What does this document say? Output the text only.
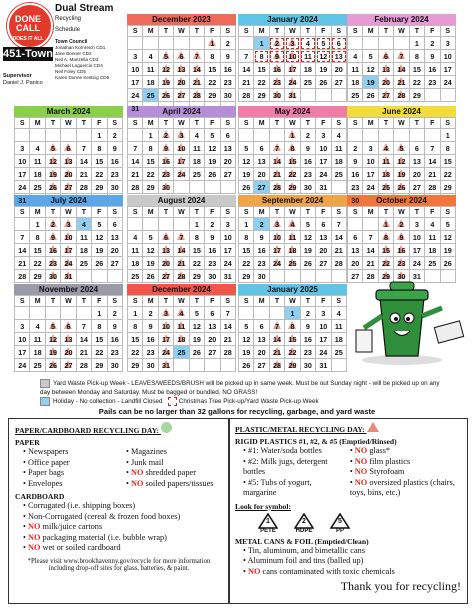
DONE CALL
DOES IT ALL
451-Town
Dual Stream
Recycling
Schedule
Town Council
Jonathan Kornreich CD1
Jane Bonner CD2
Neil A. Manzella CD3
Michael Loguercio CD4
Neil Foley CD5
Karen Dunne Kesting CD6
Supervisor
Daniel J. Panico
December 2023
S	M	T	W	T	F	S
					1	2
3	4	5	6	7	8	9
10	11	12	13	14	15	16
17	18	19	20	21	22	23
24	25	26	27	28	29	30
31						
January 2024
S	M	T	W	T	F	S
	1	2	3	4	5	6
7	8	9	10	11	12	13
14	15	16	17	18	19	20
21	22	23	24	25	26	27
28	29	30	31			
February 2024
S	M	T	W	T	F	S
				1	2	3
4	5	6	7	8	9	10
11	12	13	14	15	16	17
18	19	20	21	22	23	24
25	26	27	28	29		
March 2024
S	M	T	W	T	F	S
					1	2
3	4	5	6	7	8	9
10	11	12	13	14	15	16
17	18	19	20	21	22	23
24	25	26	27	28	29	30
31						
April 2024
S	M	T	W	T	F	S
	1	2	3	4	5	6
7	8	9	10	11	12	13
14	15	16	17	18	19	20
21	22	23	24	25	26	27
28	29	30				
May 2024
S	M	T	W	T	F	S
			1	2	3	4
5	6	7	8	9	10	11
12	13	14	15	16	17	18
19	20	21	22	23	24	25
26	27	28	29	30	31	
June 2024
S	M	T	W	T	F	S
						1
2	3	4	5	6	7	8
9	10	11	12	13	14	15
16	17	18	19	20	21	22
23	24	25	26	27	28	29
30						
July 2024
S	M	T	W	T	F	S
	1	2	3	4	5	6
7	8	9	10	11	12	13
14	15	16	17	18	19	20
21	22	23	24	25	26	27
28	29	30	31			
August 2024
S	M	T	W	T	F	S
				1	2	3
4	5	6	7	8	9	10
11	12	13	14	15	16	17
18	19	20	21	22	23	24
25	26	27	28	29	30	31
September 2024
S	M	T	W	T	F	S
1	2	3	4	5	6	7
8	9	10	11	12	13	14
15	16	17	18	19	20	21
22	23	24	25	26	27	28
29	30					
October 2024
S	M	T	W	T	F	S
		1	2	3	4	5
6	7	8	9	10	11	12
13	14	15	16	17	18	19
20	21	22	23	24	25	26
27	28	29	30	31		
November 2024
S	M	T	W	T	F	S
					1	2
3	4	5	6	7	8	9
10	11	12	13	14	15	16
17	18	19	20	21	22	23
24	25	26	27	28	29	30
December 2024
S	M	T	W	T	F	S
1	2	3	4	5	6	7
8	9	10	11	12	13	14
15	16	17	18	19	20	21
22	23	24	25	26	27	28
29	30	31				
January 2025
S	M	T	W	T	F	S
			1	2	3	4
5	6	7	8	9	10	11
12	13	14	15	16	17	18
19	20	21	22	23	24	25
26	27	28	29	30	31	
Yard Waste Pick-up Week - LEAVES/WEEDS/BRUSH will be picked up in same week. Must be out Sunday night - will be picked up on any day between Monday and Saturday. Must be bagged or bundled. NO GRASS!
Holiday - No collection - Landfill Closed	Christmas Tree Pick-up/Yard Waste Pick-up Week
Pails can be no larger than 32 gallons for recycling, garbage, and yard waste
PAPER/CARDBOARD RECYCLING DAY:
PAPER
• Newspapers
• Office paper
• Paper bags
• Envelopes
• Magazines
• Junk mail
• NO shredded paper
• NO soiled papers/tissues
CARDBOARD
• Corrugated (i.e. shipping boxes)
• Non-Corrugated (cereal & frozen food boxes)
• NO milk/juice cartons
• NO packaging material (i.e. bubble wrap)
• NO wet or soiled cardboard
*Please visit www.brookhavenny.gov/recycle for more information including drop-off sites for glass, batteries, & paint.
PLASTIC/METAL RECYCLING DAY:
RIGID PLASTICS #1, #2, & #5 (Emptied/Rinsed)
• #1: Water/soda bottles
• #2: Milk jugs, detergent bottles
• #5: Tubs of yogurt, margarine
• NO glass*
• NO film plastics
• NO Styrofoam
• NO oversized plastics (chairs, toys, bins, etc.)
Look for symbol:
1
PETE
2
HDPE
5
PP
METAL CANS & FOIL (Emptied/Clean)
• Tin, aluminum, and bimetallic cans
• Aluminum foil and tins (balled up)
• NO cans contaminated with toxic chemicals
Thank you for recycling!
